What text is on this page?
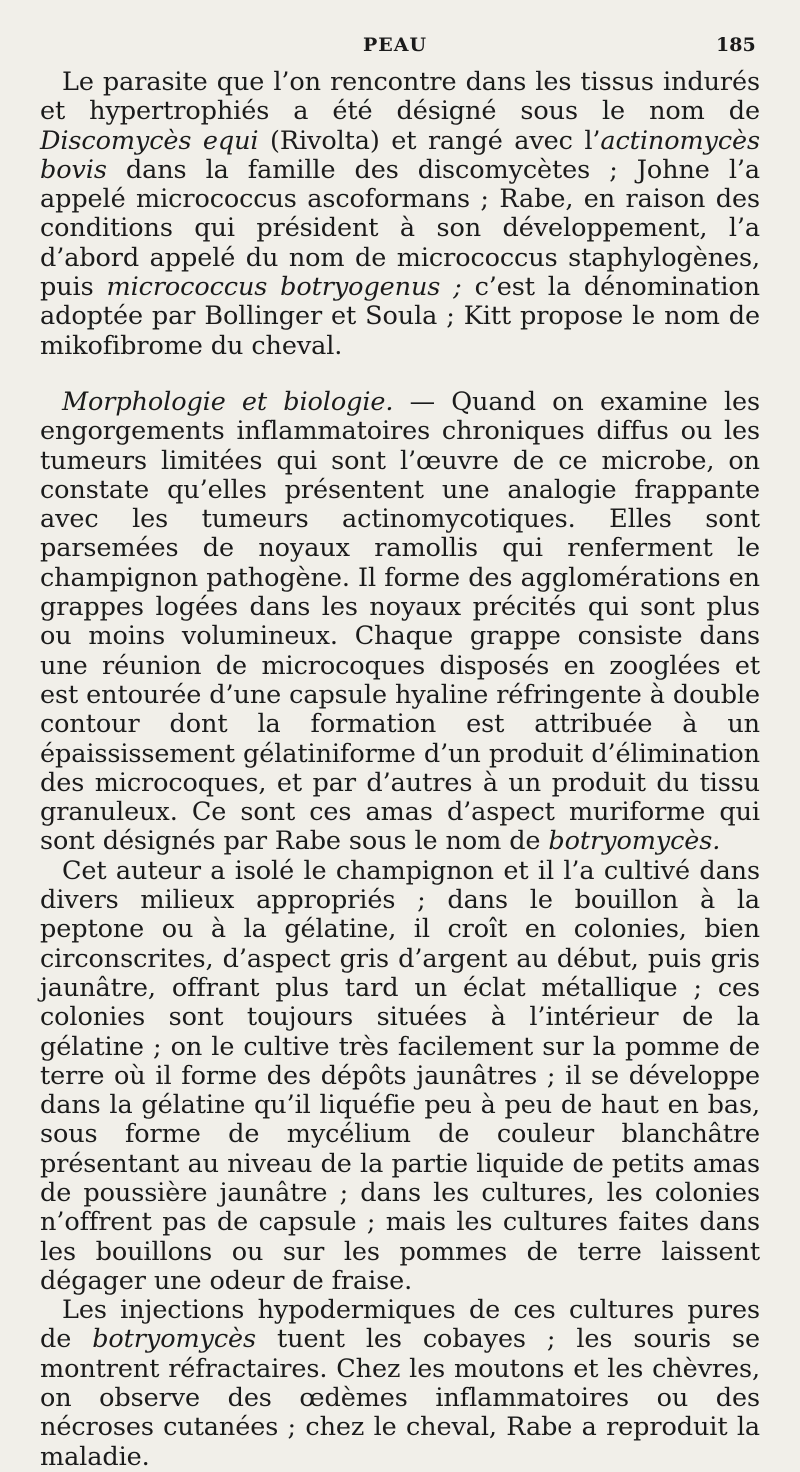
PEAU	185

Le parasite que l’on rencontre dans les tissus indurés et hypertrophiés a été désigné sous le nom de Discomycès equi (Rivolta) et rangé avec l’actinomycès bovis dans la famille des discomycètes ; Johne l’a appelé micrococcus ascoformans ; Rabe, en raison des conditions qui président à son développement, l’a d’abord appelé du nom de micrococcus staphylogènes, puis micrococcus botryogenus ; c’est la dénomination adoptée par Bollinger et Soula ; Kitt propose le nom de mikofibrome du cheval.

Morphologie et biologie. — Quand on examine les engorgements inflammatoires chroniques diffus ou les tumeurs limitées qui sont l’œuvre de ce microbe, on constate qu’elles présentent une analogie frappante avec les tumeurs actinomycotiques. Elles sont parsemées de noyaux ramollis qui renferment le champignon pathogène. Il forme des agglomérations en grappes logées dans les noyaux précités qui sont plus ou moins volumineux. Chaque grappe consiste dans une réunion de microcoques disposés en zooglées et est entourée d’une capsule hyaline réfringente à double contour dont la formation est attribuée à un épaississement gélatiniforme d’un produit d’élimination des microcoques, et par d’autres à un produit du tissu granuleux. Ce sont ces amas d’aspect muriforme qui sont désignés par Rabe sous le nom de botryomycès.

Cet auteur a isolé le champignon et il l’a cultivé dans divers milieux appropriés ; dans le bouillon à la peptone ou à la gélatine, il croît en colonies, bien circonscrites, d’aspect gris d’argent au début, puis gris jaunâtre, offrant plus tard un éclat métallique ; ces colonies sont toujours situées à l’intérieur de la gélatine ; on le cultive très facilement sur la pomme de terre où il forme des dépôts jaunâtres ; il se développe dans la gélatine qu’il liquéfie peu à peu de haut en bas, sous forme de mycélium de couleur blanchâtre présentant au niveau de la partie liquide de petits amas de poussière jaunâtre ; dans les cultures, les colonies n’offrent pas de capsule ; mais les cultures faites dans les bouillons ou sur les pommes de terre laissent dégager une odeur de fraise.

Les injections hypodermiques de ces cultures pures de botryomycès tuent les cobayes ; les souris se montrent réfractaires. Chez les moutons et les chèvres, on observe des œdèmes inflammatoires ou des nécroses cutanées ; chez le cheval, Rabe a reproduit la maladie.
